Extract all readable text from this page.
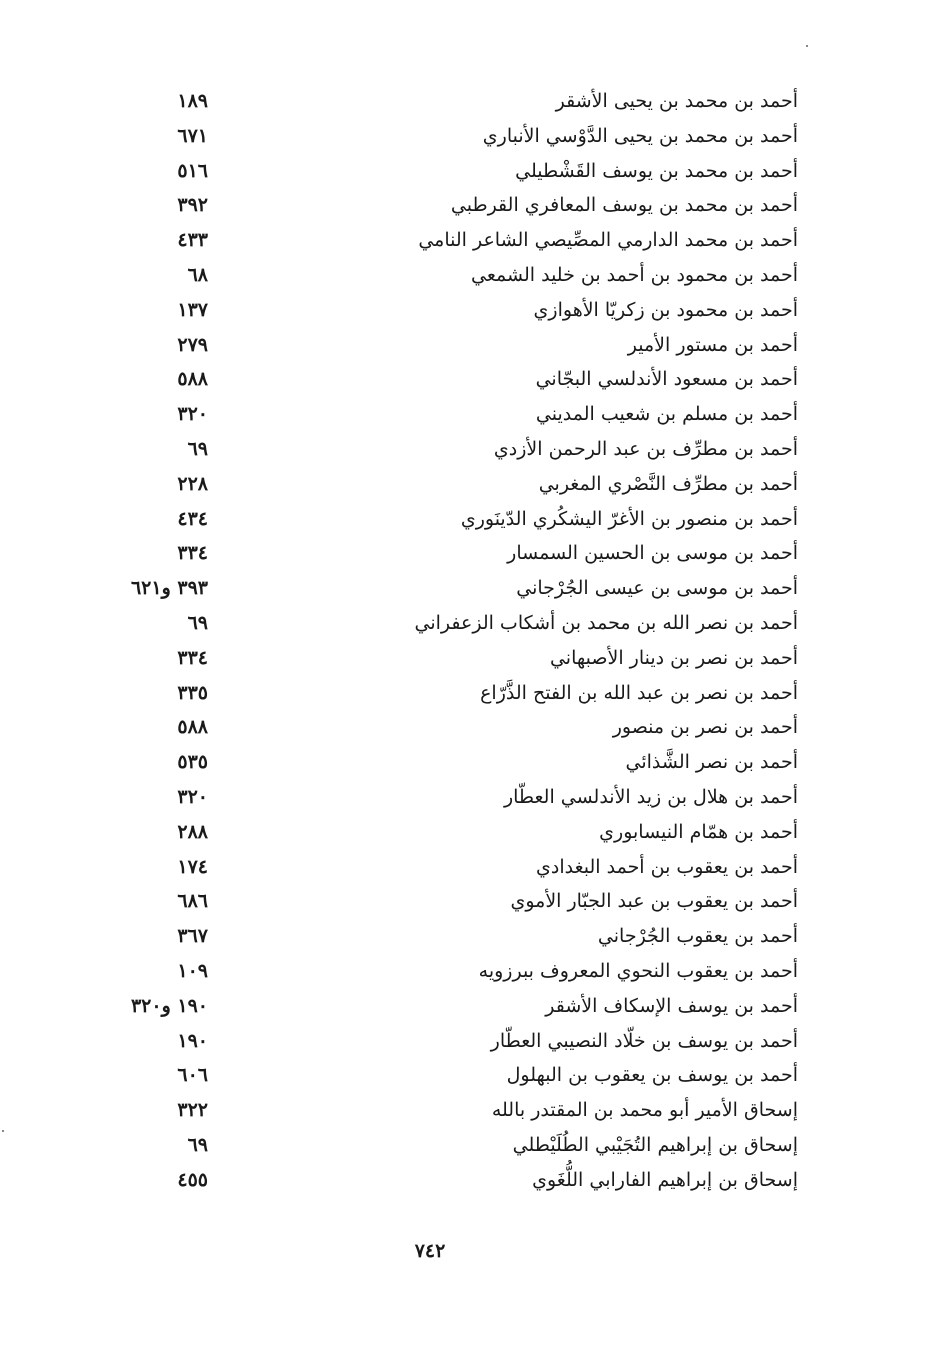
أحمد بن محمد بن يحيى الأشقر
١٨٩
أحمد بن محمد بن يحيى الدَّوْسي الأنباري
٦٧١
أحمد بن محمد بن يوسف القَشْطيلي
٥١٦
أحمد بن محمد بن يوسف المعافري القرطبي
٣٩٢
أحمد بن محمد الدارمي المصِّيصي الشاعر النامي
٤٣٣
أحمد بن محمود بن أحمد بن خليد الشمعي
٦٨
أحمد بن محمود بن زكريّا الأهوازي
١٣٧
أحمد بن مستور الأمير
٢٧٩
أحمد بن مسعود الأندلسي البجّاني
٥٨٨
أحمد بن مسلم بن شعيب المديني
٣٢٠
أحمد بن مطرِّف بن عبد الرحمن الأزدي
٦٩
أحمد بن مطرِّف النَّصْري المغربي
٢٢٨
أحمد بن منصور بن الأغرّ اليشكُري الدّينَوري
٤٣٤
أحمد بن موسى بن الحسين السمسار
٣٣٤
أحمد بن موسى بن عيسى الجُرْجاني
٣٩٣ و٦٢١
أحمد بن نصر الله بن محمد بن أشكاب الزعفراني
٦٩
أحمد بن نصر بن دينار الأصبهاني
٣٣٤
أحمد بن نصر بن عبد الله بن الفتح الذَّرّاع
٣٣٥
أحمد بن نصر بن منصور
٥٨٨
أحمد بن نصر الشَّذائي
٥٣٥
أحمد بن هلال بن زيد الأندلسي العطّار
٣٢٠
أحمد بن همّام النيسابوري
٢٨٨
أحمد بن يعقوب بن أحمد البغدادي
١٧٤
أحمد بن يعقوب بن عبد الجبّار الأموي
٦٨٦
أحمد بن يعقوب الجُرْجاني
٣٦٧
أحمد بن يعقوب النحوي المعروف ببرزويه
١٠٩
أحمد بن يوسف الإسكاف الأشقر
١٩٠ و٣٢٠
أحمد بن يوسف بن خلّاد النصيبي العطّار
١٩٠
أحمد بن يوسف بن يعقوب بن البهلول
٦٠٦
إسحاق الأمير أبو محمد بن المقتدر بالله
٣٢٢
إسحاق بن إبراهيم التُجَيْبي الطُلَيْطلي
٦٩
إسحاق بن إبراهيم الفارابي اللُّغَوي
٤٥٥
٧٤٢
